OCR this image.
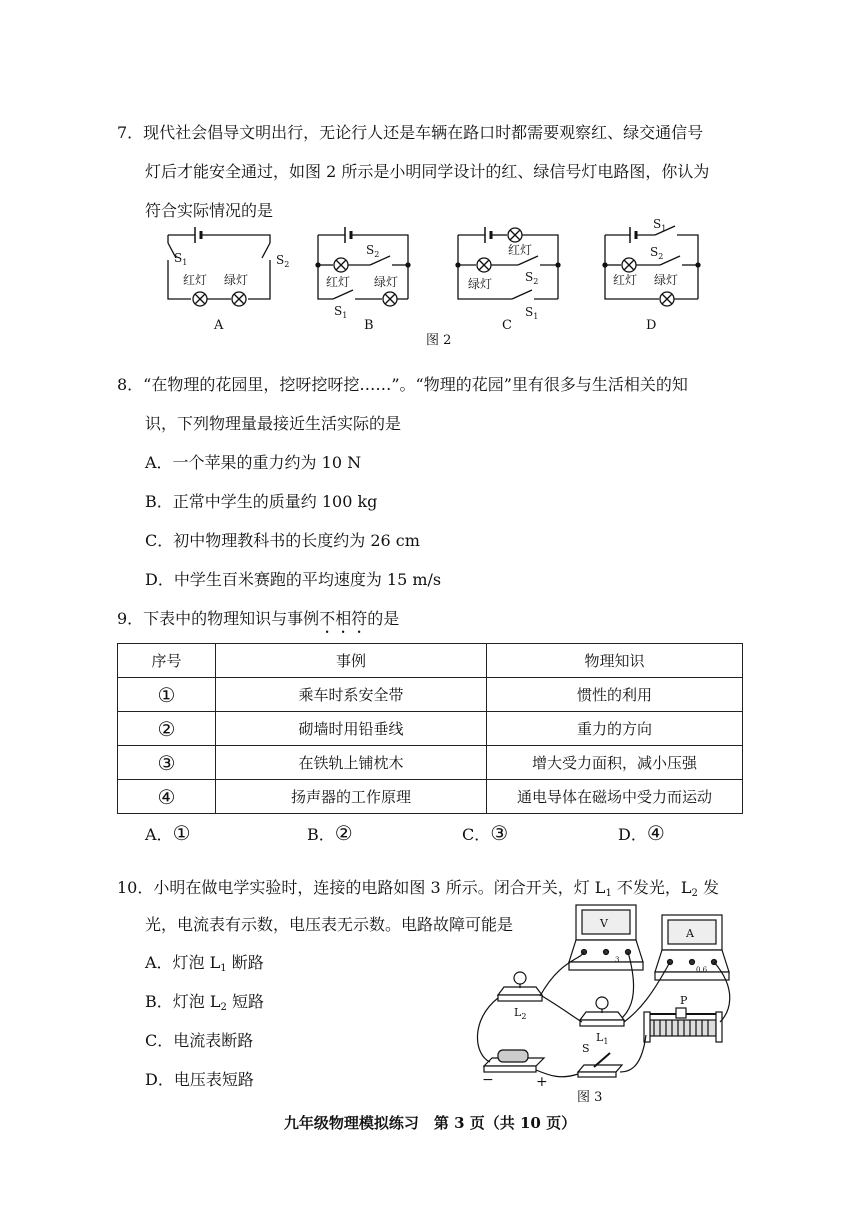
7．现代社会倡导文明出行，无论行人还是车辆在路口时都需要观察红、绿交通信号
灯后才能安全通过，如图 2 所示是小明同学设计的红、绿信号灯电路图，你认为
符合实际情况的是
$S_1$	$S_2$
红灯 绿灯
A
$S_2$
红灯 绿灯
$S_1$
B
红灯
$S_2$
绿灯
$S_1$
C
$S_1$
$S_2$
红灯 绿灯
D
图 2
8．“在物理的花园里，挖呀挖呀挖……”。“物理的花园”里有很多与生活相关的知
识，下列物理量最接近生活实际的是
A．一个苹果的重力约为 10 N
B．正常中学生的质量约 100 kg
C．初中物理教科书的长度约为 26 cm
D．中学生百米赛跑的平均速度为 15 m/s
9．下表中的物理知识与事例不相符的是
序号	事例	物理知识
①	乘车时系安全带	惯性的利用
②	砌墙时用铅垂线	重力的方向
③	在铁轨上铺枕木	增大受力面积，减小压强
④	扬声器的工作原理	通电导体在磁场中受力而运动
A．①	B．②	C．③	D．④
10．小明在做电学实验时，连接的电路如图 3 所示。闭合开关，灯 $L_1$ 不发光，$L_2$ 发
光，电流表有示数，电压表无示数。电路故障可能是
A．灯泡 $L_1$ 断路
B．灯泡 $L_2$ 短路
C．电流表断路
D．电压表短路
V
A
3
0.6
$L_2$
$L_1$
P
S
−	+
图 3
九年级物理模拟练习　第 3 页（共 10 页）
